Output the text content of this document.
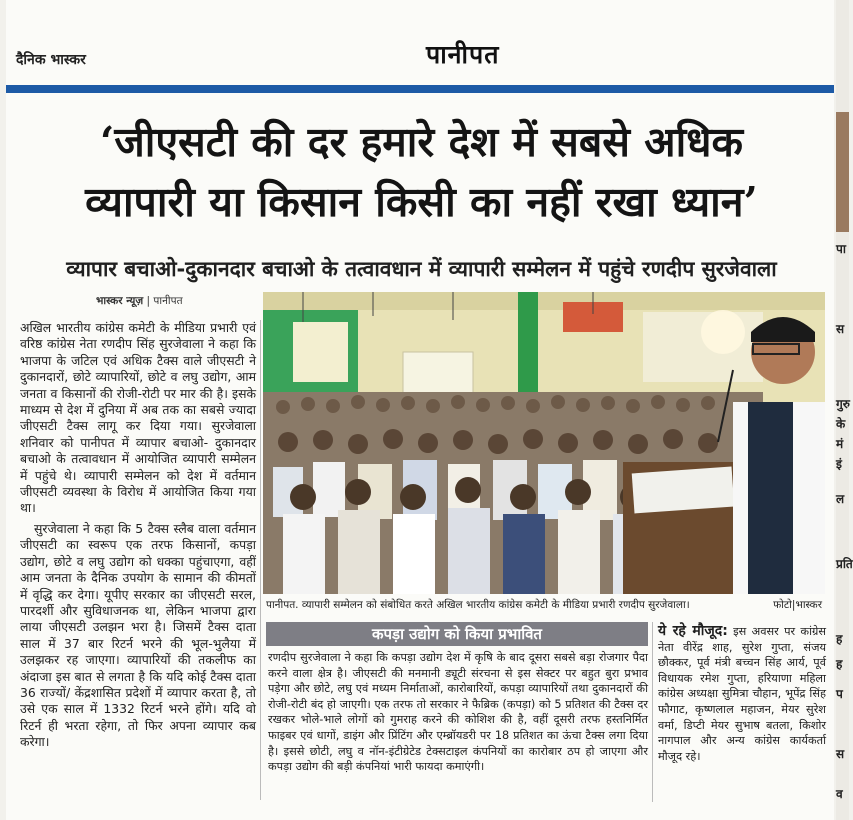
दैनिक भास्कर	पानीपत
‘जीएसटी की दर हमारे देश में सबसे अधिक
व्यापारी या किसान किसी का नहीं रखा ध्यान’
व्यापार बचाओ-दुकानदार बचाओ के तत्वावधान में व्यापारी सम्मेलन में पहुंचे रणदीप सुरजेवाला
भास्कर न्यूज़ | पानीपत

अखिल भारतीय कांग्रेस कमेटी के मीडिया प्रभारी एवं वरिष्ठ कांग्रेस नेता रणदीप सिंह सुरजेवाला ने कहा कि भाजपा के जटिल एवं अधिक टैक्स वाले जीएसटी ने दुकानदारों, छोटे व्यापारियों, छोटे व लघु उद्योग, आम जनता व किसानों की रोजी-रोटी पर मार की है। इसके माध्यम से देश में दुनिया में अब तक का सबसे ज्यादा जीएसटी टैक्स लागू कर दिया गया। सुरजेवाला शनिवार को पानीपत में व्यापार बचाओ- दुकानदार बचाओ के तत्वावधान में आयोजित व्यापारी सम्मेलन में पहुंचे थे। व्यापारी सम्मेलन को देश में वर्तमान जीएसटी व्यवस्था के विरोध में आयोजित किया गया था।

सुरजेवाला ने कहा कि 5 टैक्स स्लैब वाला वर्तमान जीएसटी का स्वरूप एक तरफ किसानों, कपड़ा उद्योग, छोटे व लघु उद्योग को धक्का पहुंचाएगा, वहीं आम जनता के दैनिक उपयोग के सामान की कीमतों में वृद्धि कर देगा। यूपीए सरकार का जीएसटी सरल, पारदर्शी और सुविधाजनक था, लेकिन भाजपा द्वारा लाया जीएसटी उलझन भरा है। जिसमें टैक्स दाता साल में 37 बार रिटर्न भरने की भूल-भुलैया में उलझकर रह जाएगा। व्यापारियों की तकलीफ का अंदाजा इस बात से लगता है कि यदि कोई टैक्स दाता 36 राज्यों/ केंद्रशासित प्रदेशों में व्यापार करता है, तो उसे एक साल में 1332 रिटर्न भरने होंगे। यदि वो रिटर्न ही भरता रहेगा, तो फिर अपना व्यापार कब करेगा।

पानीपत. व्यापारी सम्मेलन को संबोधित करते अखिल भारतीय कांग्रेस कमेटी के मीडिया प्रभारी रणदीप सुरजेवाला।	फोटो|भास्कर
कपड़ा उद्योग को किया प्रभावित
रणदीप सुरजेवाला ने कहा कि कपड़ा उद्योग देश में कृषि के बाद दूसरा सबसे बड़ा रोजगार पैदा करने वाला क्षेत्र है। जीएसटी की मनमानी ड्यूटी संरचना से इस सेक्टर पर बहुत बुरा प्रभाव पड़ेगा और छोटे, लघु एवं मध्यम निर्माताओं, कारोबारियों, कपड़ा व्यापारियों तथा दुकानदारों की रोजी-रोटी बंद हो जाएगी। एक तरफ तो सरकार ने फैब्रिक (कपड़ा) को 5 प्रतिशत की टैक्स दर रखकर भोले-भाले लोगों को गुमराह करने की कोशिश की है, वहीं दूसरी तरफ हस्तनिर्मित फाइबर एवं धागों, डाइंग और प्रिंटिंग और एम्ब्रॉयडरी पर 18 प्रतिशत का ऊंचा टैक्स लगा दिया है। इससे छोटी, लघु व नॉन-इंटीग्रेटेड टेक्सटाइल कंपनियों का कारोबार ठप हो जाएगा और कपड़ा उद्योग की बड़ी कंपनियां भारी फायदा कमाएंगी।
ये रहे मौजूद: इस अवसर पर कांग्रेस नेता वीरेंद्र शाह, सुरेश गुप्ता, संजय छौक्कर, पूर्व मंत्री बच्चन सिंह आर्य, पूर्व विधायक रमेश गुप्ता, हरियाणा महिला कांग्रेस अध्यक्षा सुमित्रा चौहान, भूपेंद्र सिंह फौगाट, कृष्णलाल महाजन, मेयर सुरेश वर्मा, डिप्टी मेयर सुभाष बतला, किशोर नागपाल और अन्य कांग्रेस कार्यकर्ता मौजूद रहे।
पा
स
गुरु
के
मं
इं
ल
प्रति
ह
प
ह
स
व
